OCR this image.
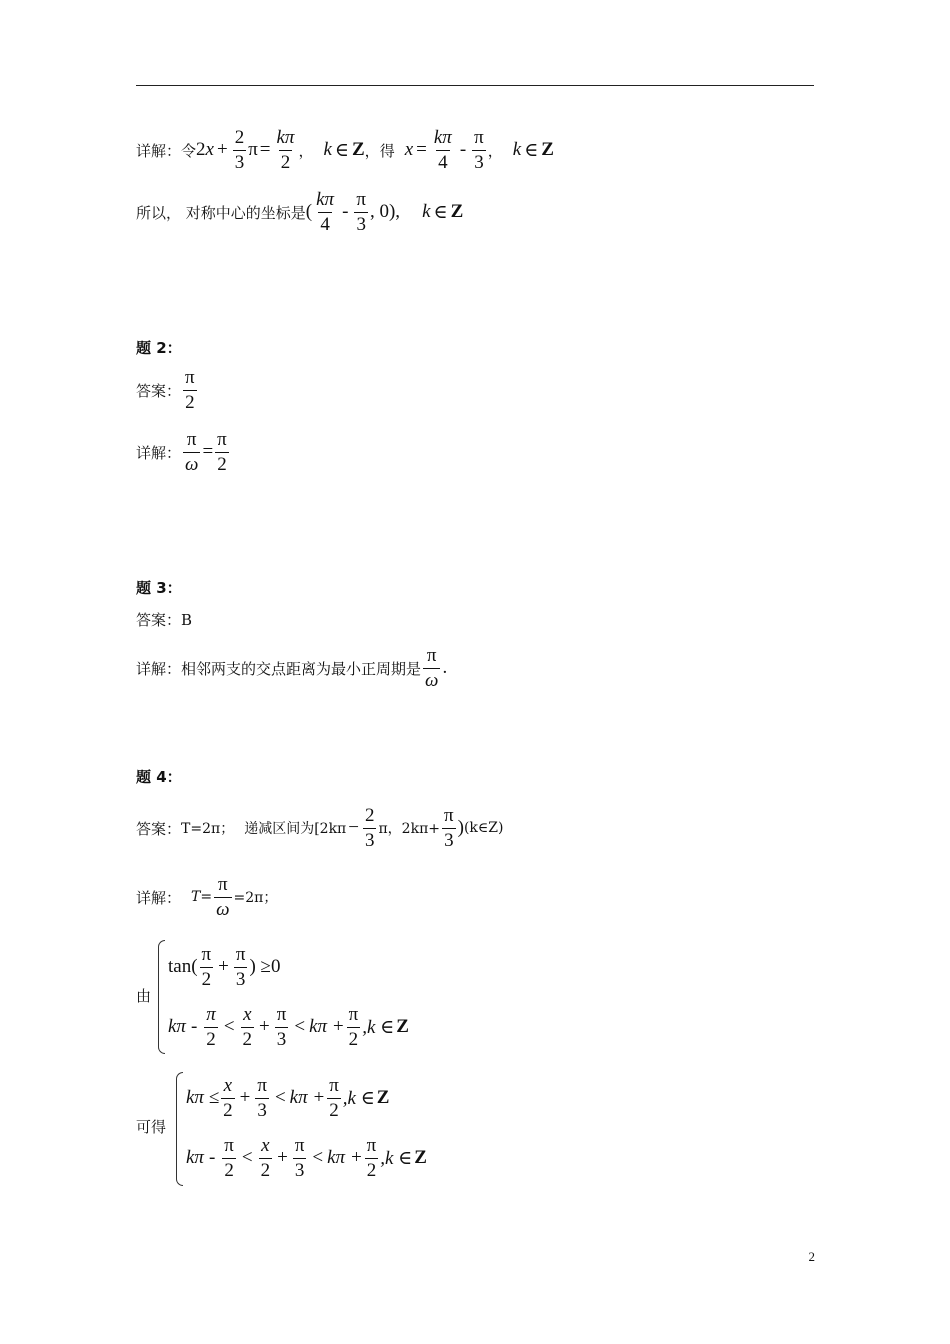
详解： 令 2 $x + \frac{2}{3}$ $\pi = \frac{k\pi}{2}$ ， k ∈ Z ， 得 $x = \frac{k\pi}{4} - \frac{\pi}{3}$ ， k ∈ Z
所以， 对称中心的坐标是 ( $\frac{k\pi}{4} - \frac{\pi}{3}$ , 0), k ∈ Z
题 2：
答案： $\frac{\pi}{2}$
详解： $\frac{\pi}{\omega} = \frac{\pi}{2}$
题 3：
答案：B
详解：相邻两支的交点距离为最小正周期是 $\frac{\pi}{\omega}$ .
题 4：
答案： T=2π； 递减区间为[$2k\pi - \frac{2}{3}$ π，$2k\pi+ \frac{\pi}{3}$ ) (k∈Z)
详解： $T= \frac{\pi}{\omega} =2\pi$；
由
$\tan( \frac{\pi}{2} + \frac{\pi}{3}$ ) ≥0
$k\pi - \frac{\pi}{2} < \frac{x}{2} + \frac{\pi}{3} < k\pi + \frac{\pi}{2} ,k$ ∈ Z
可得
$k\pi \le \frac{x}{2} + \frac{\pi}{3} < k\pi + \frac{\pi}{2} ,k$ ∈ Z
$k\pi - \frac{\pi}{2} < \frac{x}{2} + \frac{\pi}{3} < k\pi + \frac{\pi}{2} ,k$ ∈ Z
2
